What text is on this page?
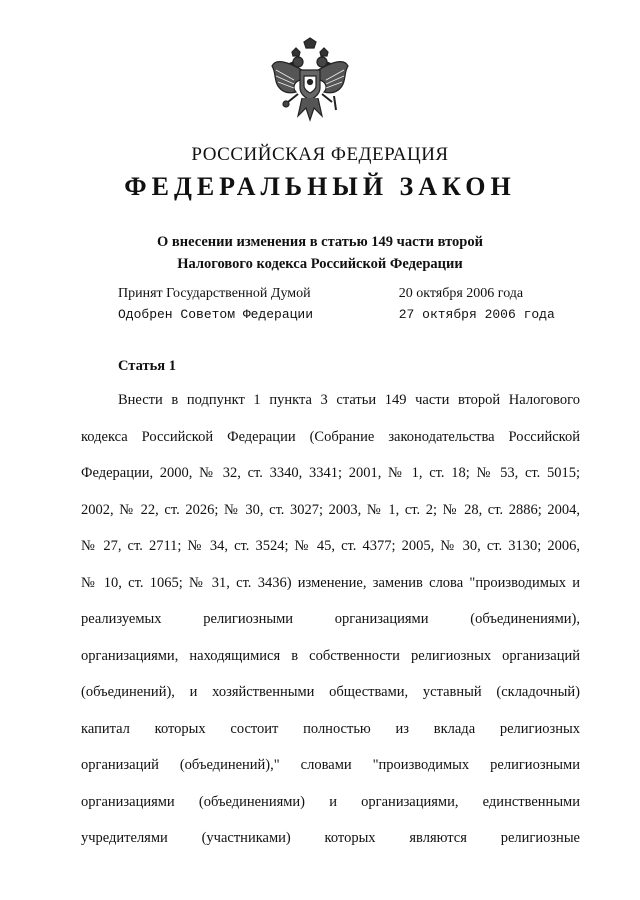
РОССИЙСКАЯ ФЕДЕРАЦИЯ
ФЕДЕРАЛЬНЫЙ ЗАКОН
О внесении изменения в статью 149 части второй
Налогового кодекса Российской Федерации
Принят Государственной Думой	20 октября 2006 года
Одобрен Советом Федерации	27 октября 2006 года
Статья 1
Внести в подпункт 1 пункта 3 статьи 149 части второй Налогового
кодекса Российской Федерации (Собрание законодательства Российской
Федерации, 2000, № 32, ст. 3340, 3341; 2001, № 1, ст. 18; № 53, ст. 5015;
2002, № 22, ст. 2026; № 30, ст. 3027; 2003, № 1, ст. 2; № 28, ст. 2886; 2004,
№ 27, ст. 2711; № 34, ст. 3524; № 45, ст. 4377; 2005, № 30, ст. 3130; 2006,
№ 10, ст. 1065; № 31, ст. 3436) изменение, заменив слова "производимых и
реализуемых религиозными организациями (объединениями),
организациями, находящимися в собственности религиозных организаций
(объединений), и хозяйственными обществами, уставный (складочный)
капитал которых состоит полностью из вклада религиозных
организаций (объединений)," словами "производимых религиозными
организациями (объединениями) и организациями, единственными
учредителями (участниками) которых являются религиозные
